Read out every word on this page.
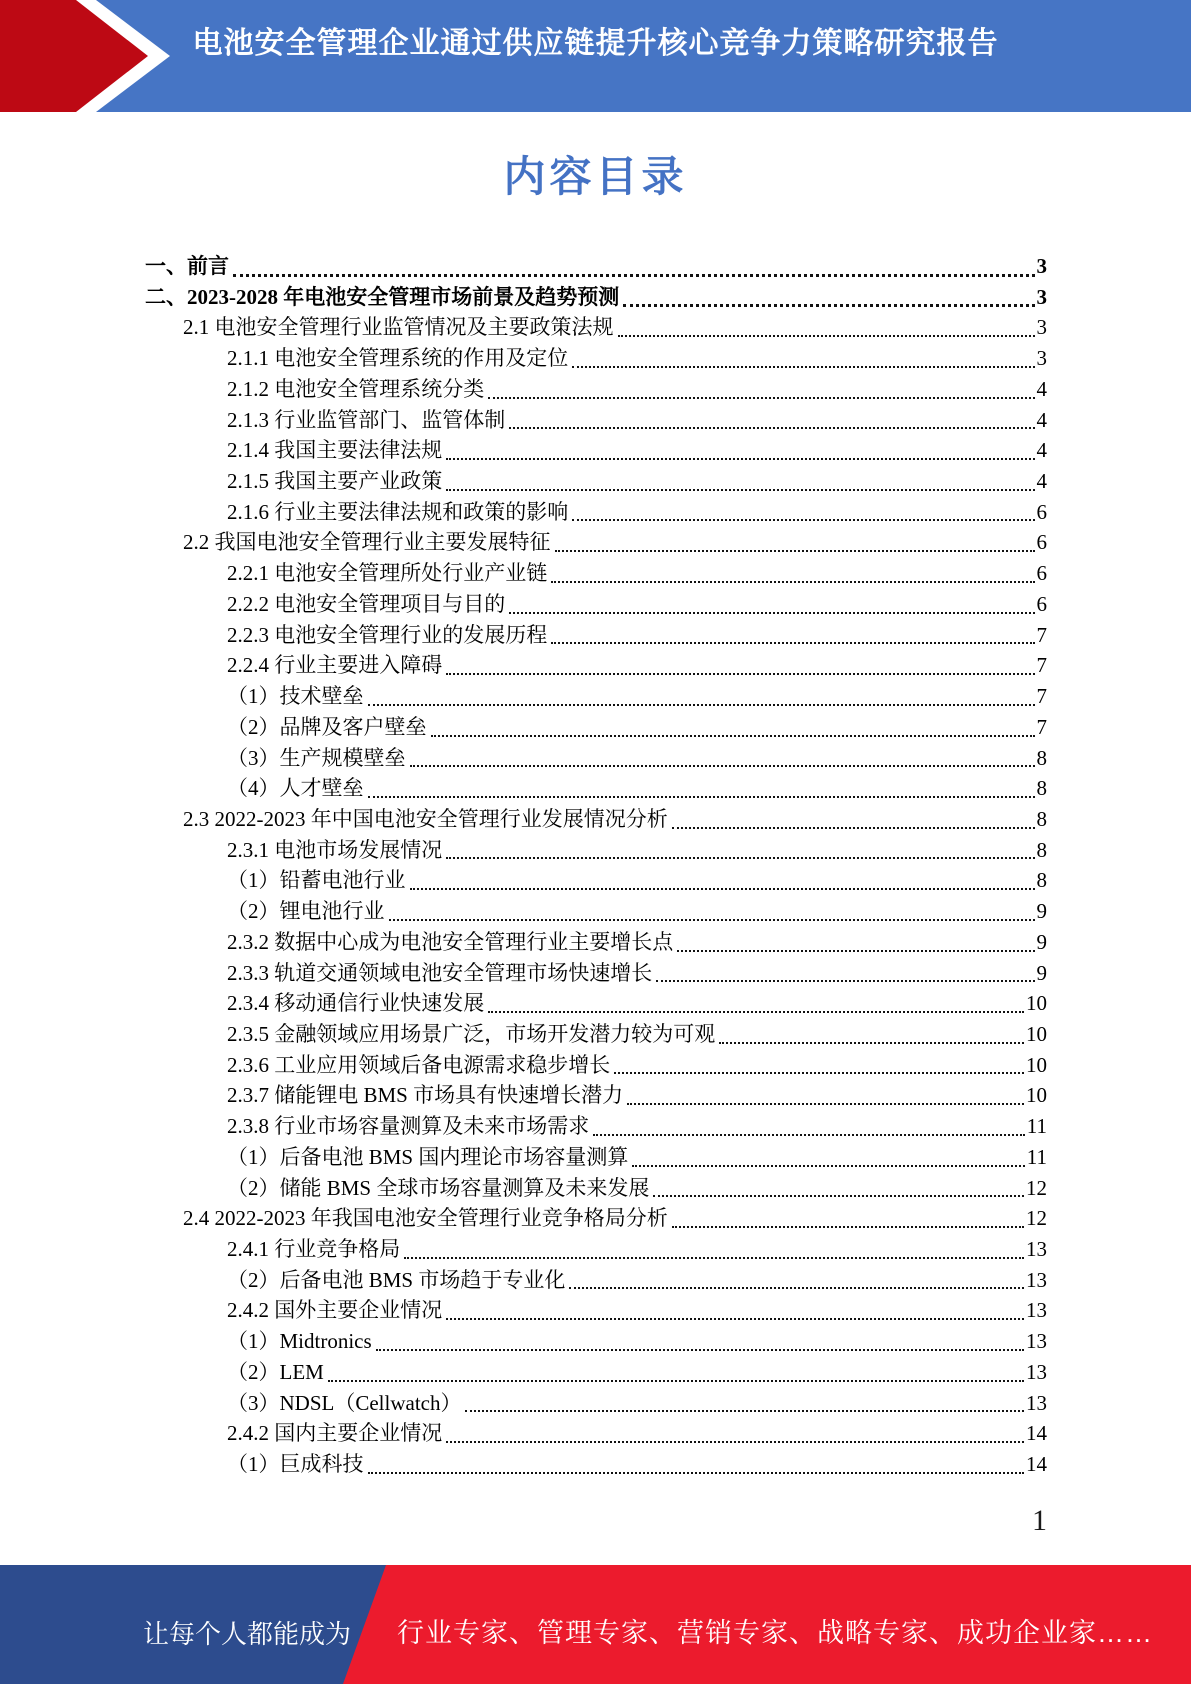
电池安全管理企业通过供应链提升核心竞争力策略研究报告
内容目录
一、前言	3
二、2023-2028 年电池安全管理市场前景及趋势预测	3
2.1 电池安全管理行业监管情况及主要政策法规	3
2.1.1 电池安全管理系统的作用及定位	3
2.1.2 电池安全管理系统分类	4
2.1.3 行业监管部门、监管体制	4
2.1.4 我国主要法律法规	4
2.1.5 我国主要产业政策	4
2.1.6 行业主要法律法规和政策的影响	6
2.2 我国电池安全管理行业主要发展特征	6
2.2.1 电池安全管理所处行业产业链	6
2.2.2 电池安全管理项目与目的	6
2.2.3 电池安全管理行业的发展历程	7
2.2.4 行业主要进入障碍	7
（1）技术壁垒	7
（2）品牌及客户壁垒	7
（3）生产规模壁垒	8
（4）人才壁垒	8
2.3 2022-2023 年中国电池安全管理行业发展情况分析	8
2.3.1 电池市场发展情况	8
（1）铅蓄电池行业	8
（2）锂电池行业	9
2.3.2 数据中心成为电池安全管理行业主要增长点	9
2.3.3 轨道交通领域电池安全管理市场快速增长	9
2.3.4 移动通信行业快速发展	10
2.3.5 金融领域应用场景广泛，市场开发潜力较为可观	10
2.3.6 工业应用领域后备电源需求稳步增长	10
2.3.7 储能锂电 BMS 市场具有快速增长潜力	10
2.3.8 行业市场容量测算及未来市场需求	11
（1）后备电池 BMS 国内理论市场容量测算	11
（2）储能 BMS 全球市场容量测算及未来发展	12
2.4 2022-2023 年我国电池安全管理行业竞争格局分析	12
2.4.1 行业竞争格局	13
（2）后备电池 BMS 市场趋于专业化	13
2.4.2 国外主要企业情况	13
（1）Midtronics	13
（2）LEM	13
（3）NDSL（Cellwatch）	13
2.4.2 国内主要企业情况	14
（1）巨成科技	14
1
让每个人都能成为 行业专家、管理专家、营销专家、战略专家、成功企业家……
